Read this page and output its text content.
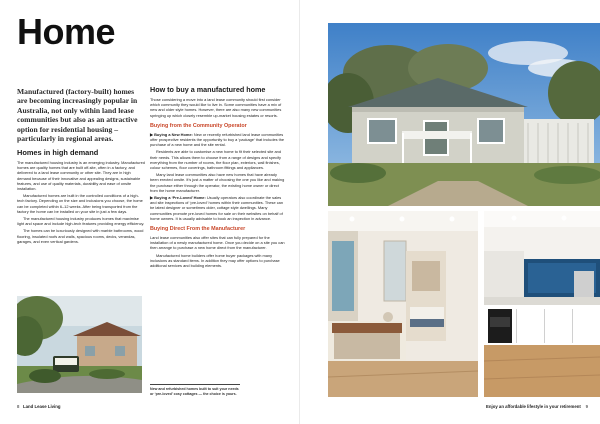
Home

Manufactured (factory-built) homes are becoming increasingly popular in Australia, not only within land lease communities but also as an attractive option for residential housing – particularly in regional areas.

Homes in high demand

The manufactured housing industry is an emerging industry. Manufactured homes are quality homes that are built off-site, often in a factory, and delivered to a land lease community or other site. They are in high demand because of their innovative and appealing designs, sustainable features, and use of quality materials, durability and ease of onsite installation.

Manufactured homes are built in the controlled conditions of a high-tech factory. Depending on the size and inclusions you choose, the home can be completed within 6–12 weeks. After being transported from the factory the home can be installed on your site in just a few days.

The manufactured housing industry produces homes that maximise light and space and include high-tech features providing energy efficiency.

The homes can be luxuriously designed with marble bathrooms, wood flooring, insulated roofs and walls, spacious rooms, decks, verandas, garages, and even vertical gardens.

How to buy a manufactured home

Those considering a move into a land lease community should first consider which community they would like to live in. Some communities have a mix of new and older style homes. However, there are also many new communities springing up which closely resemble up-market housing estates or resorts.

Buying from the Community Operator

▶ Buying a New Home: New or recently refurbished land lease communities offer prospective residents the opportunity to buy a ‘package’ that includes the purchase of a new home and the site rental.

Residents are able to customise a new home to fit their selected site and their needs. This allows them to choose from a range of designs and specify everything from the number of rooms, the floor plan, exteriors, wall finishes, colour schemes, floor coverings, bathroom fittings and appliances.

Many land lease communities also have new homes that have already been erected onsite. It’s just a matter of choosing the one you like and making the purchase either through the operator, the existing home owner or direct from the home manufacturer.

▶ Buying a ‘Pre-Loved’ Home: Usually operators also coordinate the sales and site inspections of ‘pre-loved’ homes within their communities. These can be latest designer or sometimes older, cottage style dwellings. Many communities promote pre-loved homes for sale on their websites on behalf of home owners. It is usually advisable to book an inspection in advance.

Buying Direct From the Manufacturer

Land lease communities also offer sites that can fully prepared for the installation of a newly manufactured home. Once you decide on a site you can then arrange to purchase a new home direct from the manufacturer.

Manufactured home builders offer home buyer packages with many inclusions as standard items. In addition they may offer options to purchase additional services and building elements.

New and refurbished homes built to suit your needs or ‘pre-loved’ cosy cottages — the choice is yours.
8 Land Lease Living	Enjoy an affordable lifestyle in your retirement 9
